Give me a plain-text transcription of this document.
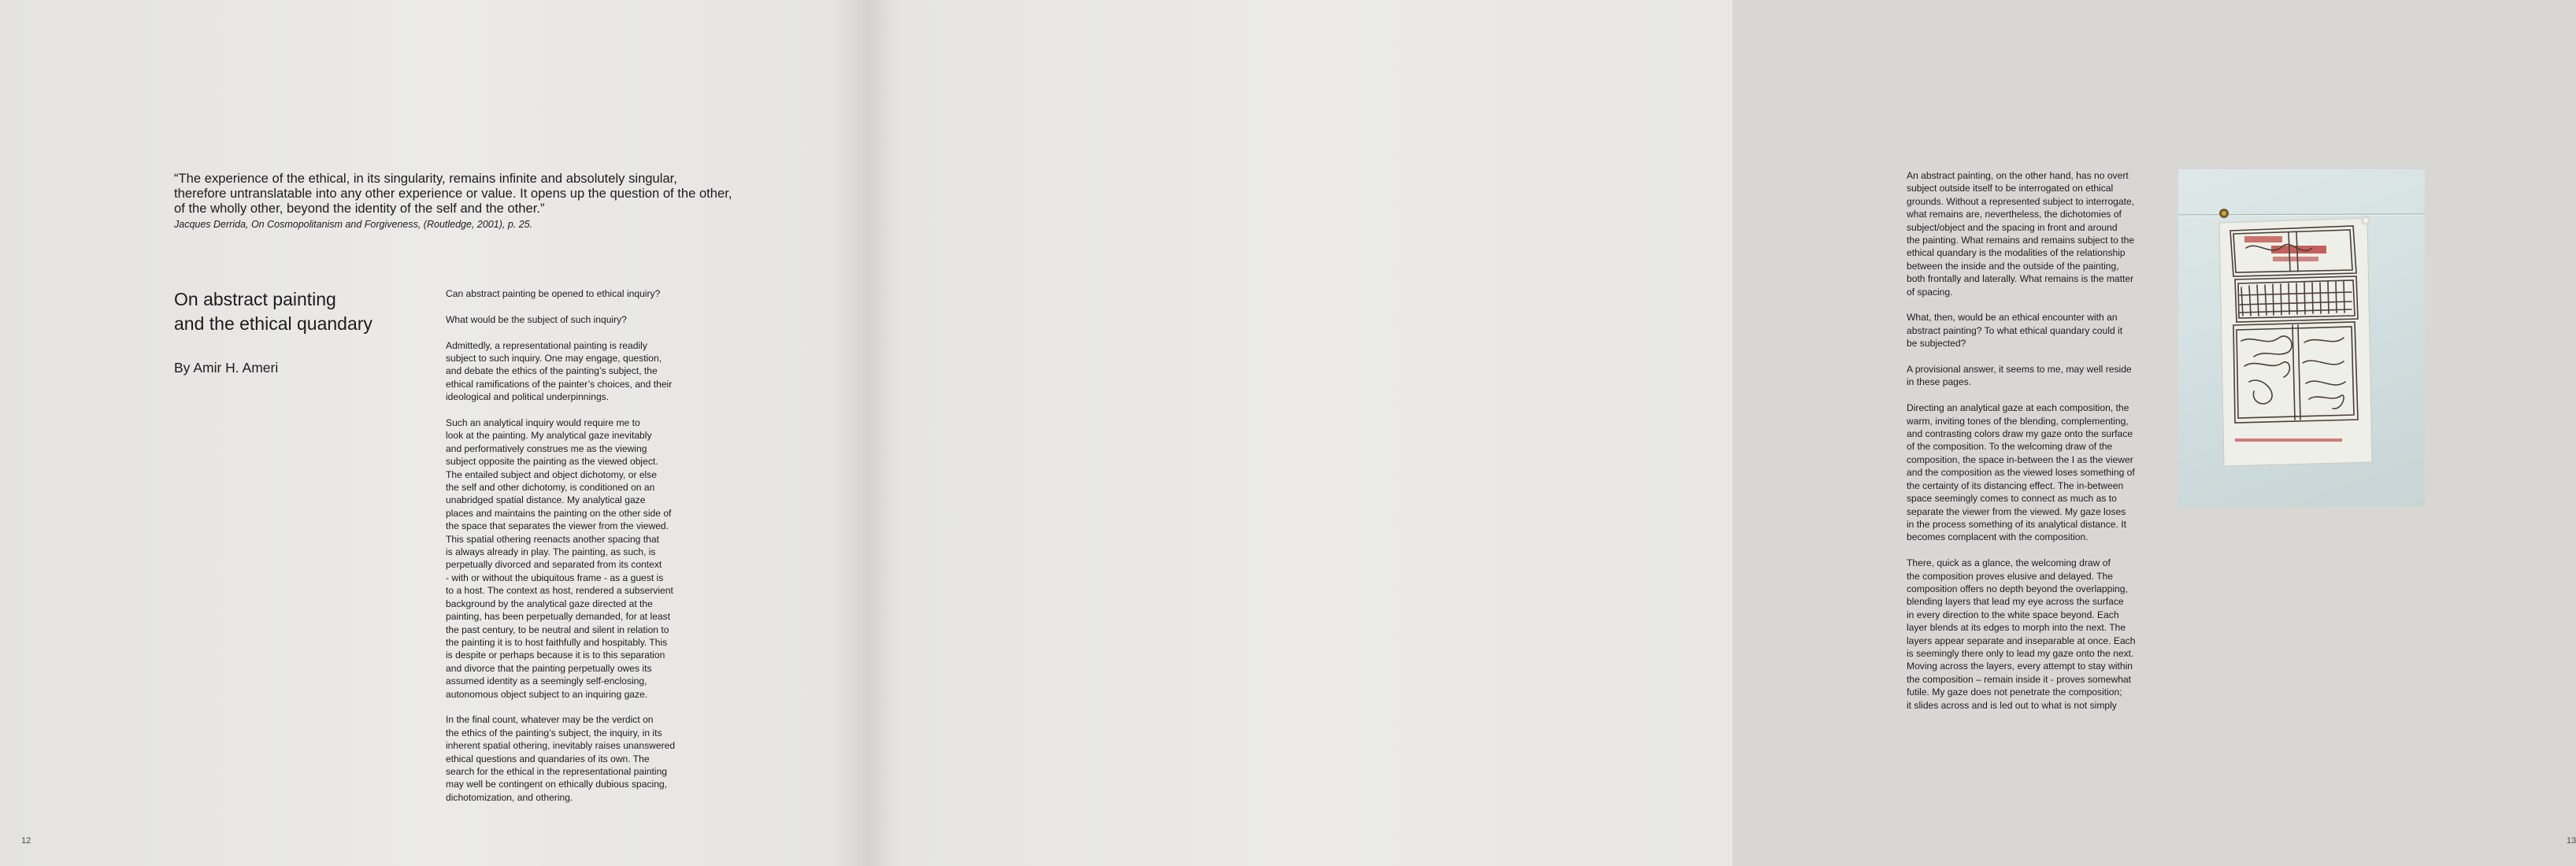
“The experience of the ethical, in its singularity, remains infinite and absolutely singular,
therefore untranslatable into any other experience or value. It opens up the question of the other,
of the wholly other, beyond the identity of the self and the other.”

Jacques Derrida, On Cosmopolitanism and Forgiveness, (Routledge, 2001), p. 25.

On abstract painting
and the ethical quandary

By Amir H. Ameri

Can abstract painting be opened to ethical inquiry?

What would be the subject of such inquiry?

Admittedly, a representational painting is readily
subject to such inquiry. One may engage, question,
and debate the ethics of the painting’s subject, the
ethical ramifications of the painter’s choices, and their
ideological and political underpinnings.

Such an analytical inquiry would require me to
look at the painting. My analytical gaze inevitably
and performatively construes me as the viewing
subject opposite the painting as the viewed object.
The entailed subject and object dichotomy, or else
the self and other dichotomy, is conditioned on an
unabridged spatial distance. My analytical gaze
places and maintains the painting on the other side of
the space that separates the viewer from the viewed.
This spatial othering reenacts another spacing that
is always already in play. The painting, as such, is
perpetually divorced and separated from its context
- with or without the ubiquitous frame - as a guest is
to a host. The context as host, rendered a subservient
background by the analytical gaze directed at the
painting, has been perpetually demanded, for at least
the past century, to be neutral and silent in relation to
the painting it is to host faithfully and hospitably. This
is despite or perhaps because it is to this separation
and divorce that the painting perpetually owes its
assumed identity as a seemingly self-enclosing,
autonomous object subject to an inquiring gaze.

In the final count, whatever may be the verdict on
the ethics of the painting’s subject, the inquiry, in its
inherent spatial othering, inevitably raises unanswered
ethical questions and quandaries of its own. The
search for the ethical in the representational painting
may well be contingent on ethically dubious spacing,
dichotomization, and othering.

12

An abstract painting, on the other hand, has no overt
subject outside itself to be interrogated on ethical
grounds. Without a represented subject to interrogate,
what remains are, nevertheless, the dichotomies of
subject/object and the spacing in front and around
the painting. What remains and remains subject to the
ethical quandary is the modalities of the relationship
between the inside and the outside of the painting,
both frontally and laterally. What remains is the matter
of spacing.

What, then, would be an ethical encounter with an
abstract painting? To what ethical quandary could it
be subjected?

A provisional answer, it seems to me, may well reside
in these pages.

Directing an analytical gaze at each composition, the
warm, inviting tones of the blending, complementing,
and contrasting colors draw my gaze onto the surface
of the composition. To the welcoming draw of the
composition, the space in-between the I as the viewer
and the composition as the viewed loses something of
the certainty of its distancing effect. The in-between
space seemingly comes to connect as much as to
separate the viewer from the viewed. My gaze loses
in the process something of its analytical distance. It
becomes complacent with the composition.

There, quick as a glance, the welcoming draw of
the composition proves elusive and delayed. The
composition offers no depth beyond the overlapping,
blending layers that lead my eye across the surface
in every direction to the white space beyond. Each
layer blends at its edges to morph into the next. The
layers appear separate and inseparable at once. Each
is seemingly there only to lead my gaze onto the next.
Moving across the layers, every attempt to stay within
the composition – remain inside it - proves somewhat
futile. My gaze does not penetrate the composition;
it slides across and is led out to what is not simply

13
